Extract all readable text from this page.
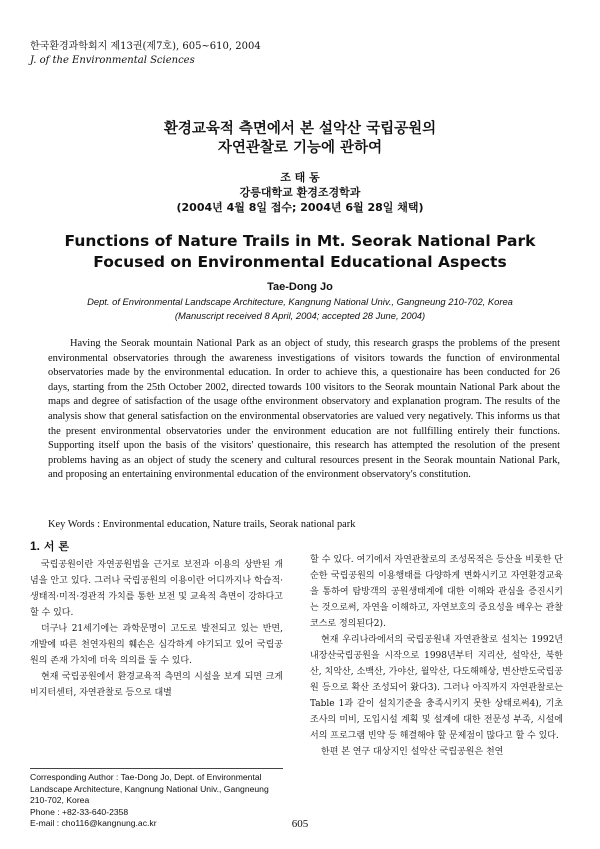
한국환경과학회지 제13권(제7호), 605~610, 2004
J. of the Environmental Sciences
환경교육적 측면에서 본 설악산 국립공원의
자연관찰로 기능에 관하여
조 태 동
강릉대학교 환경조경학과
(2004년 4월 8일 접수; 2004년 6월 28일 채택)
Functions of Nature Trails in Mt. Seorak National Park
Focused on Environmental Educational Aspects
Tae-Dong Jo
Dept. of Environmental Landscape Architecture, Kangnung National Univ., Gangneung 210-702, Korea
(Manuscript received 8 April, 2004; accepted 28 June, 2004)

Having the Seorak mountain National Park as an object of study, this research grasps the problems of the present environmental observatories through the awareness investigations of visitors towards the function of environmental observatories made by the environmental education. In order to achieve this, a questionaire has been conducted for 26 days, starting from the 25th October 2002, directed towards 100 visitors to the Seorak mountain National Park about the maps and degree of satisfaction of the usage ofthe environment observatory and explanation program. The results of the analysis show that general satisfaction on the environmental observatories are valued very negatively. This informs us that the present environmental observatories under the environment education are not fullfilling entirely their functions. Supporting itself upon the basis of the visitors' questionaire, this research has attempted the resolution of the present problems having as an object of study the scenery and cultural resources present in the Seorak mountain National Park, and proposing an entertaining environmental education of the environment observatory's constitution.

Key Words : Environmental education, Nature trails, Seorak national park
1. 서 론

국립공원이란 자연공원법을 근거로 보전과 이용의 상반된 개념을 안고 있다. 그러나 국립공원의 이용이란 어디까지나 학습적·생태적·미적·경관적 가치를 통한 보전 및 교육적 측면이 강하다고 할 수 있다.

더구나 21세기에는 과학문명이 고도로 발전되고 있는 반면, 개발에 따른 천연자원의 훼손은 심각하게 야기되고 있어 국립공원의 존재 가치에 더욱 의의를 둘 수 있다.

현재 국립공원에서 환경교육적 측면의 시설을 보게 되면 크게 비지터센터, 자연관찰로 등으로 대별

할 수 있다. 여기에서 자연관찰로의 조성목적은 등산을 비롯한 단순한 국립공원의 이용행태를 다양하게 변화시키고 자연환경교육을 통하여 탐방객의 공원생태계에 대한 이해와 관심을 증진시키는 것으로써, 자연을 이해하고, 자연보호의 중요성을 배우는 관찰코스로 정의된다2).

현재 우리나라에서의 국립공원내 자연관찰로 설치는 1992년 내장산국립공원을 시작으로 1998년부터 지리산, 설악산, 북한산, 치악산, 소백산, 가야산, 월악산, 다도해해상, 변산반도국립공원 등으로 확산 조성되어 왔다3). 그러나 아직까지 자연관찰로는 Table 1과 같이 설치기준을 충족시키지 못한 상태로써4), 기초조사의 미비, 도입시설 계획 및 설계에 대한 전문성 부족, 시설에서의 프로그램 빈약 등 해결해야 할 문제점이 많다고 할 수 있다.

한편 본 연구 대상지인 설악산 국립공원은 천연

Corresponding Author : Tae-Dong Jo, Dept. of Environmental
Landscape Architecture, Kangnung National Univ., Gangneung
210-702, Korea
Phone : +82-33-640-2358
E-mail : cho116@kangnung.ac.kr	605
